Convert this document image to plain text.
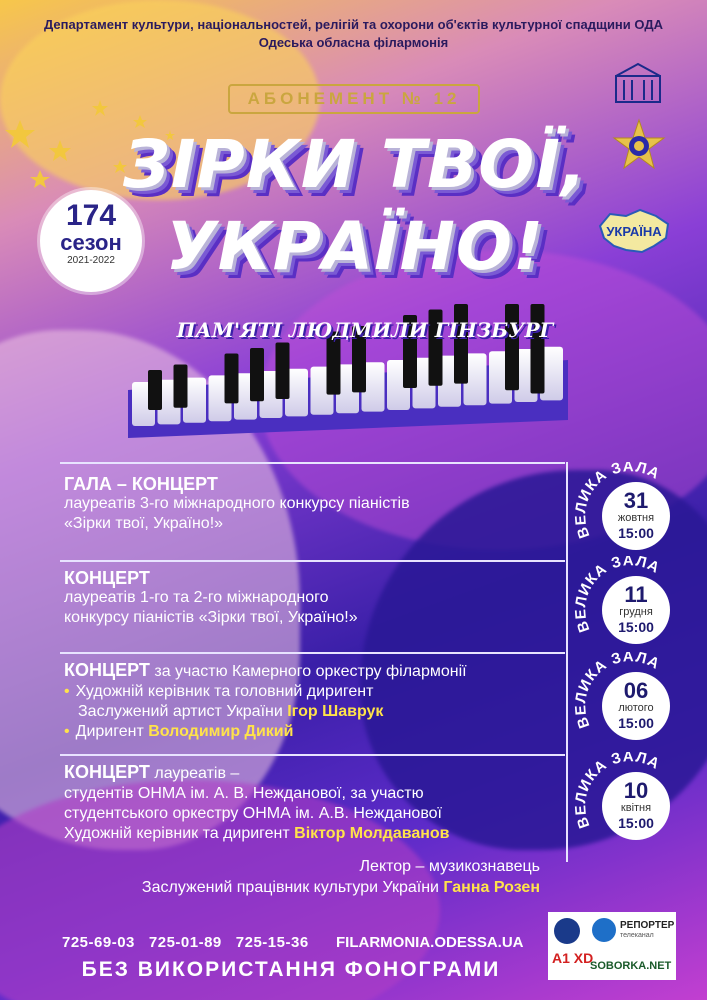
Департамент культури, національностей, релігій та охорони об'єктів культурної спадщини ОДА
Одеська обласна філармонія
АБОНЕМЕНТ № 12
ЗІРКИ ТВОЇ,
УКРАЇНО!
174
сезон
2021-2022
УКРАЇНА
ПАМ'ЯТІ ЛЮДМИЛИ ГІНЗБУРГ
ГАЛА – КОНЦЕРТ
лауреатів 3-го міжнародного конкурсу піаністів
«Зірки твої, Україно!»
КОНЦЕРТ
лауреатів 1-го та 2-го міжнародного
конкурсу піаністів «Зірки твої, Україно!»
КОНЦЕРТ за участю Камерного оркестру філармонії
• Художній керівник та головний диригент
Заслужений артист України Ігор Шаврук
• Диригент Володимир Дикий
КОНЦЕРТ лауреатів –
студентів ОНМА ім. А. В. Нежданової, за участю
студентського оркестру ОНМА ім. А.В. Нежданової
Художній керівник та диригент Віктор Молдаванов
ВЕЛИКА ЗАЛА
31
жовтня
15:00
ВЕЛИКА ЗАЛА
11
грудня
15:00
ВЕЛИКА ЗАЛА
06
лютого
15:00
ВЕЛИКА ЗАЛА
10
квітня
15:00
Лектор – музикознавець
Заслужений працівник культури України Ганна Розен
725-69-03   725-01-89   725-15-36 FILARMONIA.ODESSA.UA
БЕЗ ВИКОРИСТАННЯ ФОНОГРАМИ
РЕПОРТЕР
телеканал
А1 ХD
SOBORKA.NET
